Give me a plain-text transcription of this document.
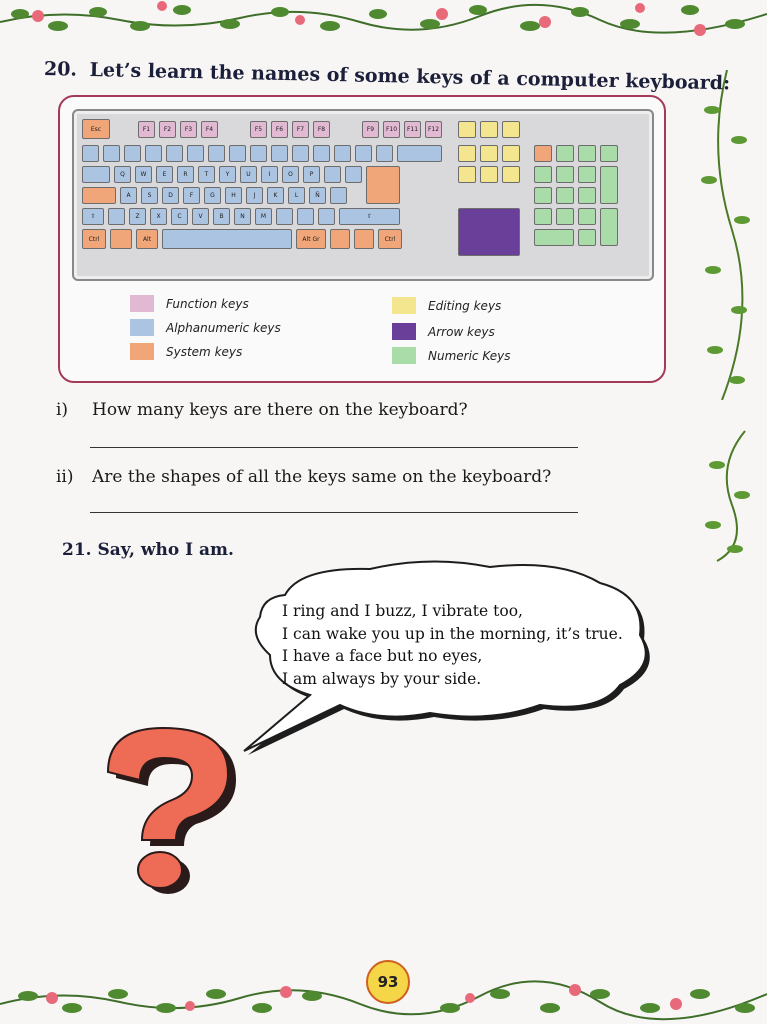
20. Let’s learn the names of some keys of a computer keyboard:
Esc	F1	F2	F3	F4	F5	F6	F7	F8	F9	F10	F11	F12
Q	W	E	R	T	Y	U	I	O	P
A	S	D	F	G	H	J	K	L	Ñ
⇧	Z	X	C	V	B	N	M	⇧
Ctrl	Alt	Alt Gr	Ctrl
Function keys
Alphanumeric keys
System keys
Editing keys
Arrow keys
Numeric Keys
i) How many keys are there on the keyboard?
ii) Are the shapes of all the keys same on the keyboard?
21. Say, who I am.
I ring and I buzz, I vibrate too,
I can wake you up in the morning, it’s true.
I have a face but no eyes,
I am always by your side.
93
